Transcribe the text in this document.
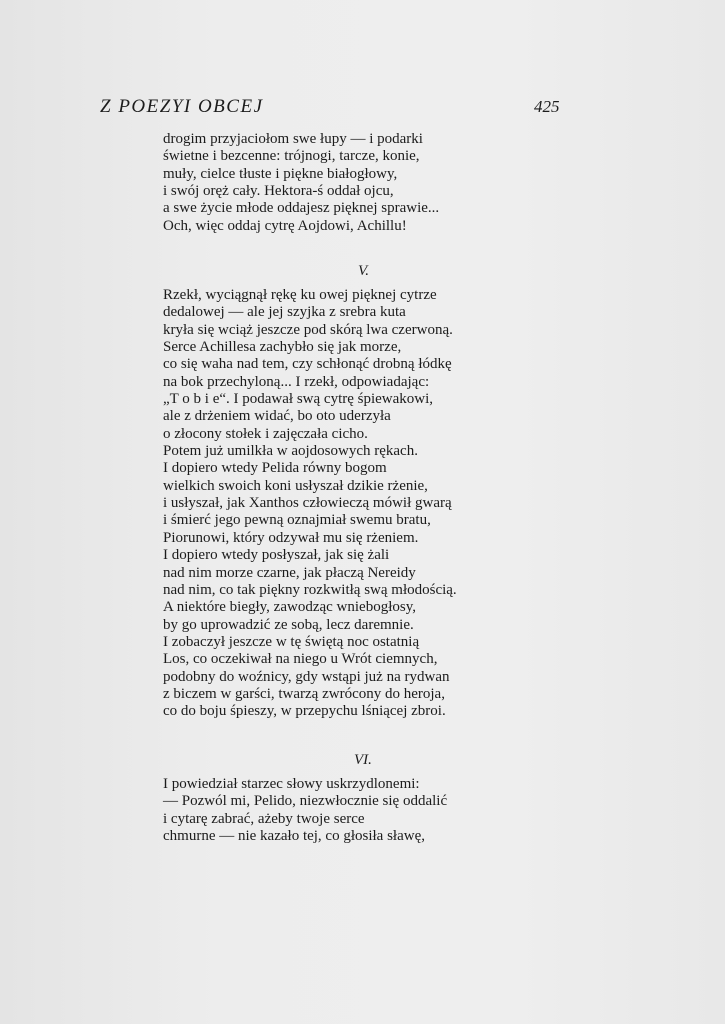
Z POEZYI OBCEJ	425
drogim przyjaciołom swe łupy — i podarki
świetne i bezcenne: trójnogi, tarcze, konie,
muły, cielce tłuste i piękne białogłowy,
i swój oręż cały. Hektora-ś oddał ojcu,
a swe życie młode oddajesz pięknej sprawie...
Och, więc oddaj cytrę Aojdowi, Achillu!
V.
Rzekł, wyciągnął rękę ku owej pięknej cytrze
dedalowej — ale jej szyjka z srebra kuta
kryła się wciąż jeszcze pod skórą lwa czerwoną.
Serce Achillesa zachybło się jak morze,
co się waha nad tem, czy schłonąć drobną łódkę
na bok przechyloną... I rzekł, odpowiadając:
„T o b i e“. I podawał swą cytrę śpiewakowi,
ale z drżeniem widać, bo oto uderzyła
o złocony stołek i zajęczała cicho.
Potem już umilkła w aojdosowych rękach.
I dopiero wtedy Pelida równy bogom
wielkich swoich koni usłyszał dzikie rżenie,
i usłyszał, jak Xanthos człowieczą mówił gwarą
i śmierć jego pewną oznajmiał swemu bratu,
Piorunowi, który odzywał mu się rżeniem.
I dopiero wtedy posłyszał, jak się żali
nad nim morze czarne, jak płaczą Nereidy
nad nim, co tak piękny rozkwitłą swą młodością.
A niektóre biegły, zawodząc wniebogłosy,
by go uprowadzić ze sobą, lecz daremnie.
I zobaczył jeszcze w tę świętą noc ostatnią
Los, co oczekiwał na niego u Wrót ciemnych,
podobny do woźnicy, gdy wstąpi już na rydwan
z biczem w garści, twarzą zwrócony do heroja,
co do boju śpieszy, w przepychu lśniącej zbroi.
VI.
I powiedział starzec słowy uskrzydlonemi:
— Pozwól mi, Pelido, niezwłocznie się oddalić
i cytarę zabrać, ażeby twoje serce
chmurne — nie kazało tej, co głosiła sławę,
